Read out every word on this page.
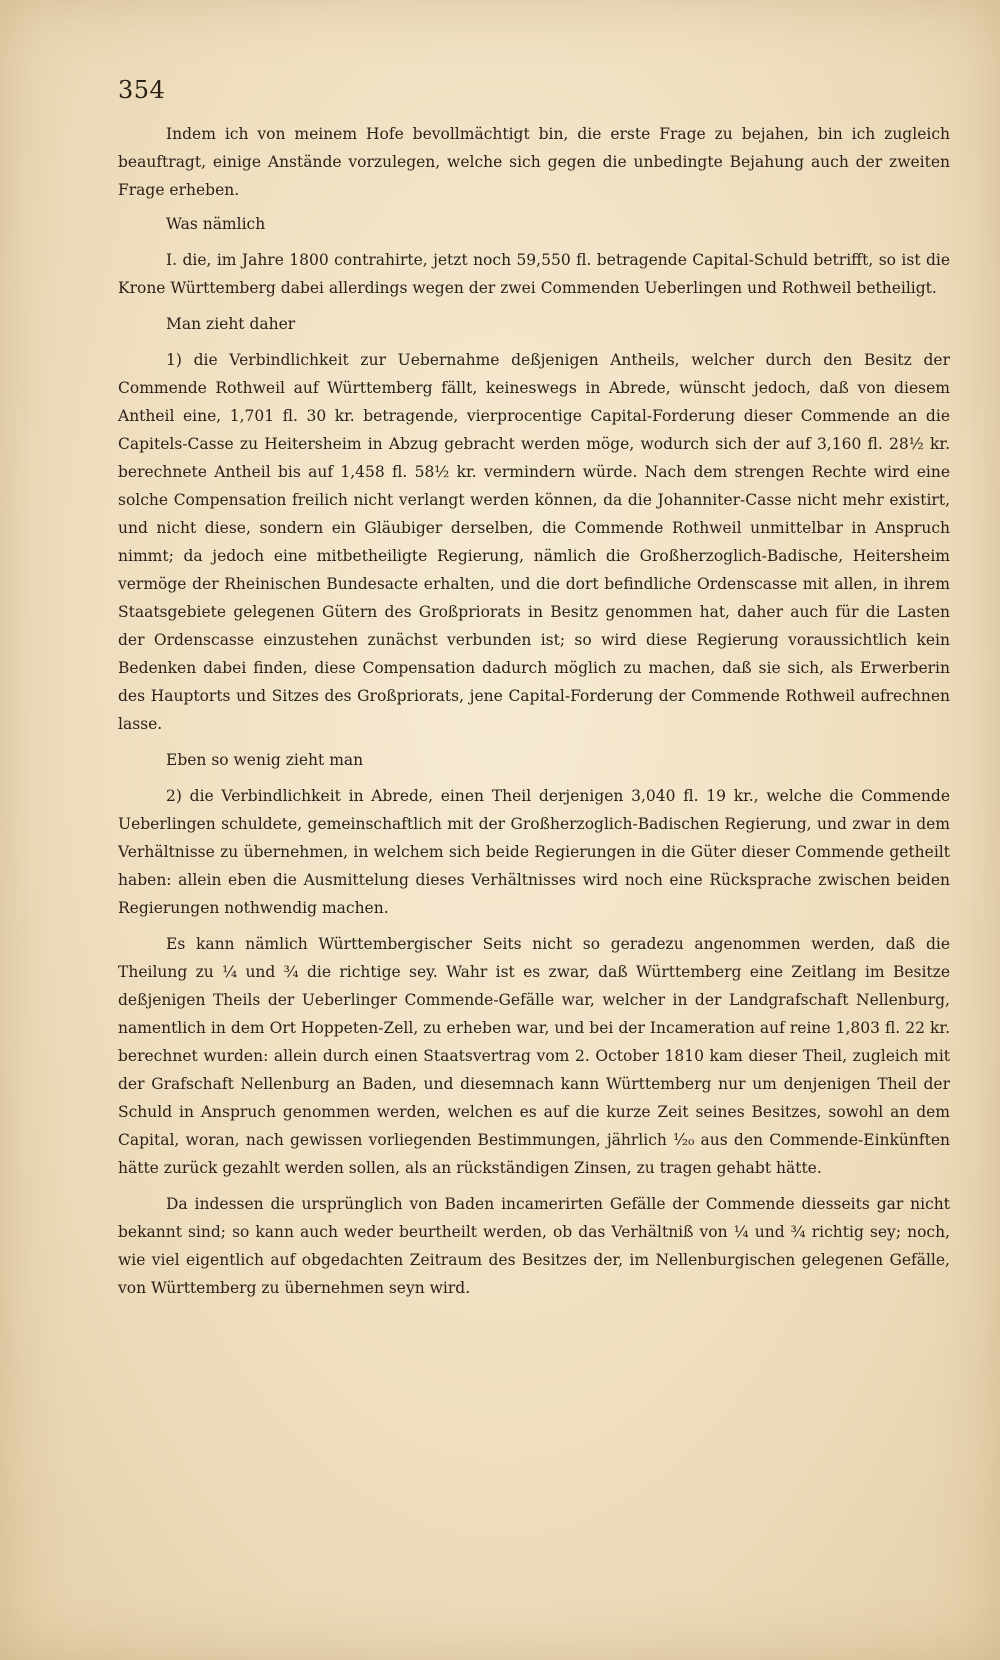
354

Indem ich von meinem Hofe bevollmächtigt bin, die erste Frage zu bejahen, bin ich zugleich beauftragt, einige Anstände vorzulegen, welche sich gegen die unbedingte Bejahung auch der zweiten Frage erheben.

Was nämlich

I. die, im Jahre 1800 contrahirte, jetzt noch 59,550 fl. betragende Capital-Schuld betrifft, so ist die Krone Württemberg dabei allerdings wegen der zwei Commenden Ueberlingen und Rothweil betheiligt.

Man zieht daher

1) die Verbindlichkeit zur Uebernahme deßjenigen Antheils, welcher durch den Besitz der Commende Rothweil auf Württemberg fällt, keineswegs in Abrede, wünscht jedoch, daß von diesem Antheil eine, 1,701 fl. 30 kr. betragende, vierprocentige Capital-Forderung dieser Commende an die Capitels-Casse zu Heitersheim in Abzug gebracht werden möge, wodurch sich der auf 3,160 fl. 28½ kr. berechnete Antheil bis auf 1,458 fl. 58½ kr. vermindern würde. Nach dem strengen Rechte wird eine solche Compensation freilich nicht verlangt werden können, da die Johanniter-Casse nicht mehr existirt, und nicht diese, sondern ein Gläubiger derselben, die Commende Rothweil unmittelbar in Anspruch nimmt; da jedoch eine mitbetheiligte Regierung, nämlich die Großherzoglich-Badische, Heitersheim vermöge der Rheinischen Bundesacte erhalten, und die dort befindliche Ordenscasse mit allen, in ihrem Staatsgebiete gelegenen Gütern des Großpriorats in Besitz genommen hat, daher auch für die Lasten der Ordenscasse einzustehen zunächst verbunden ist; so wird diese Regierung voraussichtlich kein Bedenken dabei finden, diese Compensation dadurch möglich zu machen, daß sie sich, als Erwerberin des Hauptorts und Sitzes des Großpriorats, jene Capital-Forderung der Commende Rothweil aufrechnen lasse.

Eben so wenig zieht man

2) die Verbindlichkeit in Abrede, einen Theil derjenigen 3,040 fl. 19 kr., welche die Commende Ueberlingen schuldete, gemeinschaftlich mit der Großherzoglich-Badischen Regierung, und zwar in dem Verhältnisse zu übernehmen, in welchem sich beide Regierungen in die Güter dieser Commende getheilt haben: allein eben die Ausmittelung dieses Verhältnisses wird noch eine Rücksprache zwischen beiden Regierungen nothwendig machen.

Es kann nämlich Württembergischer Seits nicht so geradezu angenommen werden, daß die Theilung zu ¼ und ¾ die richtige sey. Wahr ist es zwar, daß Württemberg eine Zeitlang im Besitze deßjenigen Theils der Ueberlinger Commende-Gefälle war, welcher in der Landgrafschaft Nellenburg, namentlich in dem Ort Hoppeten-Zell, zu erheben war, und bei der Incameration auf reine 1,803 fl. 22 kr. berechnet wurden: allein durch einen Staatsvertrag vom 2. October 1810 kam dieser Theil, zugleich mit der Grafschaft Nellenburg an Baden, und diesemnach kann Württemberg nur um denjenigen Theil der Schuld in Anspruch genommen werden, welchen es auf die kurze Zeit seines Besitzes, sowohl an dem Capital, woran, nach gewissen vorliegenden Bestimmungen, jährlich ¹⁄₂₀ aus den Commende-Einkünften hätte zurück gezahlt werden sollen, als an rückständigen Zinsen, zu tragen gehabt hätte.

Da indessen die ursprünglich von Baden incamerirten Gefälle der Commende diesseits gar nicht bekannt sind; so kann auch weder beurtheilt werden, ob das Verhältniß von ¼ und ¾ richtig sey; noch, wie viel eigentlich auf obgedachten Zeitraum des Besitzes der, im Nellenburgischen gelegenen Gefälle, von Württemberg zu übernehmen seyn wird.
